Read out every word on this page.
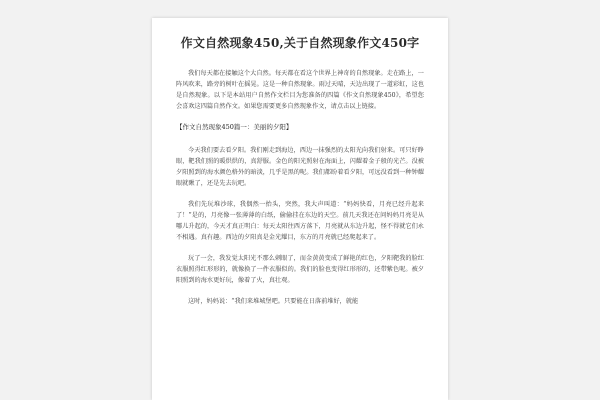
作文自然现象450,关于自然现象作文450字

我们每天都在接触这个大自然。每天都在看这个世界上神奇的自然现象。走在路上，一阵风吹来，路旁的树叶在摇晃。这是一种自然现象。雨过天晴，天边出现了一道彩虹，这也是自然现象。以下是本站用户自然作文栏目为您准备的四篇《作文自然现象450》，希望您会喜欢这四篇自然作文。如果您需要更多自然现象作文，请点击以上链接。

【作文自然现象450篇一：美丽的夕阳】

今天我们要去看夕阳。我们刚走到海边，西边一抹强烈的太阳光向我们射来。可只好睁眼，靶我们照的暖烘烘的，真舒服。金色的阳光照射在海面上，闪耀着金子般的光芒。没被夕阳照到的海水颜色格外的暗淡，几乎是黑的呢。我们都盼着看夕阳，可远没看到一种钟耀眼就瞅了，还是先去玩吧。

我们先玩堆沙球，我偶然一抬头，突然，我大声叫道：“妈妈快看，月亮已经升起来了！”是的，月亮像一张薄薄的白纸，偷偷挂在东边的天空。前几天我还在问妈妈月亮是从哪儿升起的，今天才真正明白：每天太阳往西方落下，月亮就从东边升起，怪不得就它们永不相遇。真有趣。西边的夕阳真是金光耀目，东方的月亮就已经爬起来了。

玩了一会，我发觉太阳光不那么刺眼了，而金黄黄变成了鲜艳的红色，夕阳靶我的脸红衣服照得红形形的，就像换了一件衣服似的。我们的脸也变得红形形的，还带紫色呢。被夕阳照到的海水更好玩，像着了火，真壮观。

这时，妈妈说：“我们来堆城堡吧。只要能在日落前堆好，就能
